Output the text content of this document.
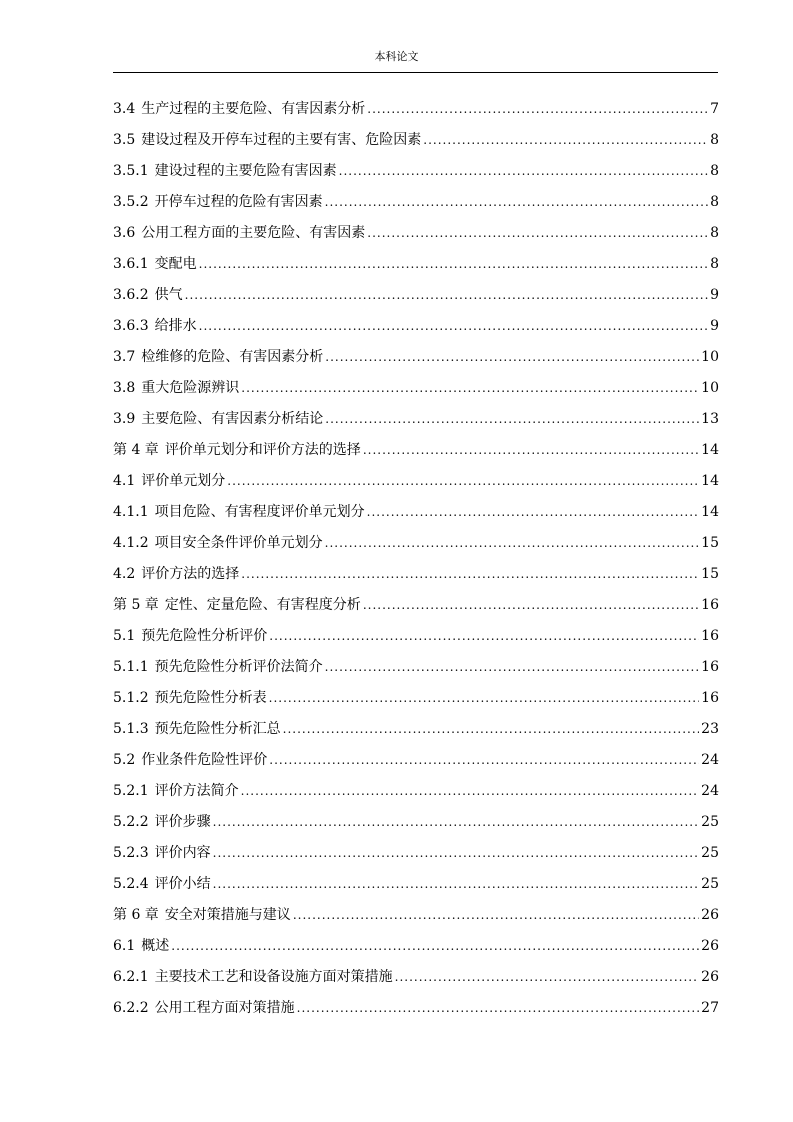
本科论文
3.4 生产过程的主要危险、有害因素分析 .....	7
3.5 建设过程及开停车过程的主要有害、危险因素 .....	8
3.5.1 建设过程的主要危险有害因素 .....	8
3.5.2 开停车过程的危险有害因素 .....	8
3.6 公用工程方面的主要危险、有害因素 .....	8
3.6.1 变配电 .....	8
3.6.2 供气 .....	9
3.6.3 给排水 .....	9
3.7 检维修的危险、有害因素分析 .....	10
3.8 重大危险源辨识 .....	10
3.9 主要危险、有害因素分析结论 .....	13
第 4 章 评价单元划分和评价方法的选择 .....	14
4.1 评价单元划分 .....	14
4.1.1 项目危险、有害程度评价单元划分 .....	14
4.1.2 项目安全条件评价单元划分 .....	15
4.2 评价方法的选择 .....	15
第 5 章 定性、定量危险、有害程度分析 .....	16
5.1 预先危险性分析评价 .....	16
5.1.1 预先危险性分析评价法简介 .....	16
5.1.2 预先危险性分析表 .....	16
5.1.3 预先危险性分析汇总 .....	23
5.2 作业条件危险性评价 .....	24
5.2.1 评价方法简介 .....	24
5.2.2 评价步骤 .....	25
5.2.3 评价内容 .....	25
5.2.4 评价小结 .....	25
第 6 章 安全对策措施与建议 .....	26
6.1 概述 .....	26
6.2.1 主要技术工艺和设备设施方面对策措施 .....	26
6.2.2 公用工程方面对策措施 .....	27
